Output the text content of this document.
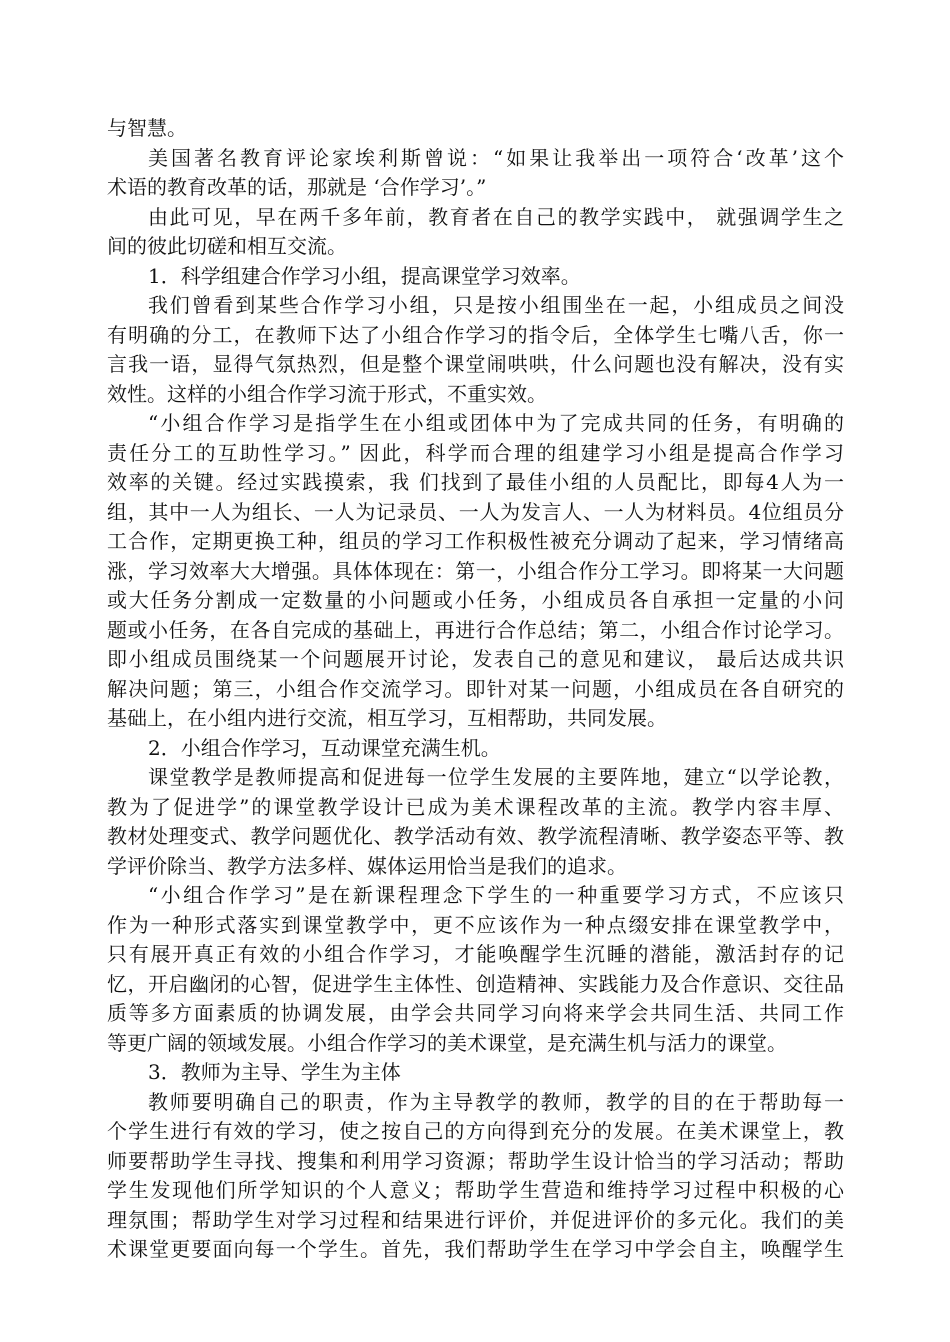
与智慧。
美国著名教育评论家埃利斯曾说：“如果让我举出一项符合‘改革’这个
术语的教育改革的话，那就是 ‘合作学习’。”
由此可见，早在两千多年前，教育者在自己的教学实践中， 就强调学生之
间的彼此切磋和相互交流。
1．科学组建合作学习小组，提高课堂学习效率。
我们曾看到某些合作学习小组，只是按小组围坐在一起，小组成员之间没
有明确的分工，在教师下达了小组合作学习的指令后，全体学生七嘴八舌，你一
言我一语，显得气氛热烈，但是整个课堂闹哄哄，什么问题也没有解决，没有实
效性。这样的小组合作学习流于形式，不重实效。
“小组合作学习是指学生在小组或团体中为了完成共同的任务，有明确的
责任分工的互助性学习。” 因此，科学而合理的组建学习小组是提高合作学习
效率的关键。经过实践摸索，我 们找到了最佳小组的人员配比，即每4人为一
组，其中一人为组长、一人为记录员、一人为发言人、一人为材料员。4位组员分
工合作，定期更换工种，组员的学习工作积极性被充分调动了起来，学习情绪高
涨，学习效率大大增强。具体体现在：第一，小组合作分工学习。即将某一大问题
或大任务分割成一定数量的小问题或小任务，小组成员各自承担一定量的小问
题或小任务，在各自完成的基础上，再进行合作总结；第二，小组合作讨论学习。
即小组成员围绕某一个问题展开讨论，发表自己的意见和建议， 最后达成共识
解决问题；第三，小组合作交流学习。即针对某一问题，小组成员在各自研究的
基础上，在小组内进行交流，相互学习，互相帮助，共同发展。
2．小组合作学习，互动课堂充满生机。
课堂教学是教师提高和促进每一位学生发展的主要阵地，建立“以学论教，
教为了促进学”的课堂教学设计已成为美术课程改革的主流。教学内容丰厚、
教材处理变式、教学问题优化、教学活动有效、教学流程清晰、教学姿态平等、教
学评价除当、教学方法多样、媒体运用恰当是我们的追求。
“小组合作学习”是在新课程理念下学生的一种重要学习方式，不应该只
作为一种形式落实到课堂教学中，更不应该作为一种点缀安排在课堂教学中，
只有展开真正有效的小组合作学习，才能唤醒学生沉睡的潜能，激活封存的记
忆，开启幽闭的心智，促进学生主体性、创造精神、实践能力及合作意识、交往品
质等多方面素质的协调发展，由学会共同学习向将来学会共同生活、共同工作
等更广阔的领域发展。小组合作学习的美术课堂，是充满生机与活力的课堂。
3．教师为主导、学生为主体
教师要明确自己的职责，作为主导教学的教师，教学的目的在于帮助每一
个学生进行有效的学习，使之按自己的方向得到充分的发展。在美术课堂上，教
师要帮助学生寻找、搜集和利用学习资源；帮助学生设计恰当的学习活动；帮助
学生发现他们所学知识的个人意义；帮助学生营造和维持学习过程中积极的心
理氛围；帮助学生对学习过程和结果进行评价，并促进评价的多元化。我们的美
术课堂更要面向每一个学生。首先，我们帮助学生在学习中学会自主，唤醒学生
